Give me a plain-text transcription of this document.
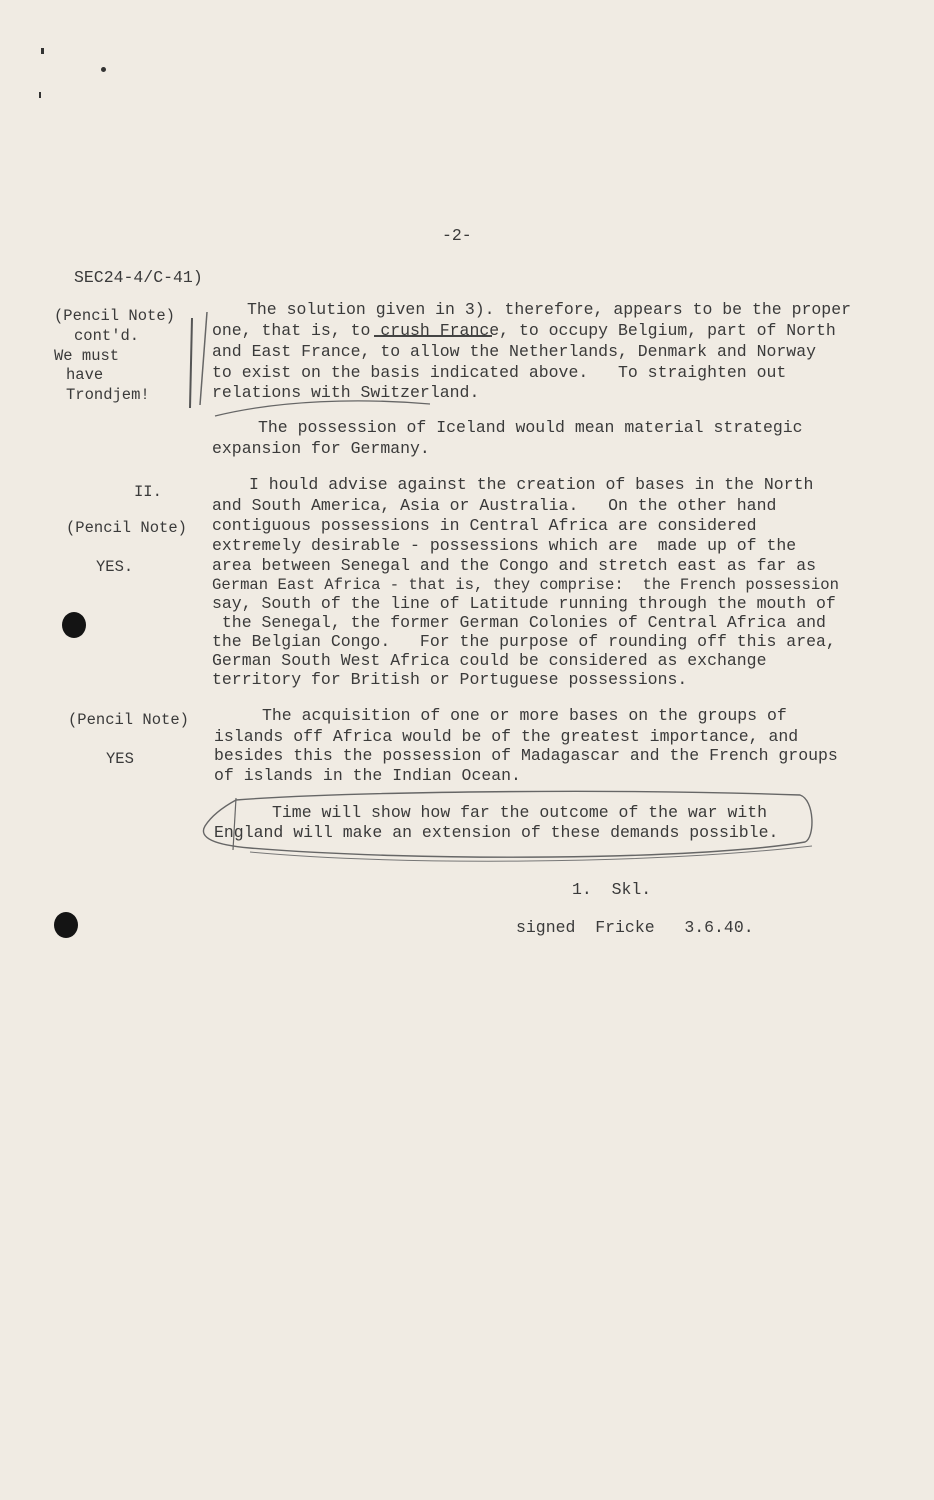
-2-
SEC24-4/C-41)
(Pencil Note)
cont'd.
We must
have
Trondjem!
The solution given in 3). therefore, appears to be the proper
one, that is, to crush France, to occupy Belgium, part of North
and East France, to allow the Netherlands, Denmark and Norway
to exist on the basis indicated above.   To straighten out
relations with Switzerland.
The possession of Iceland would mean material strategic
expansion for Germany.
II.
(Pencil Note)
YES.
I hould advise against the creation of bases in the North
and South America, Asia or Australia.   On the other hand
contiguous possessions in Central Africa are considered
extremely desirable - possessions which are  made up of the
area between Senegal and the Congo and stretch east as far as
German East Africa - that is, they comprise:  the French possession
say, South of the line of Latitude running through the mouth of
the Senegal, the former German Colonies of Central Africa and
the Belgian Congo.   For the purpose of rounding off this area,
German South West Africa could be considered as exchange
territory for British or Portuguese possessions.
(Pencil Note)
YES
The acquisition of one or more bases on the groups of
islands off Africa would be of the greatest importance, and
besides this the possession of Madagascar and the French groups
of islands in the Indian Ocean.
Time will show how far the outcome of the war with
England will make an extension of these demands possible.
1.  Skl.
signed  Fricke   3.6.40.
